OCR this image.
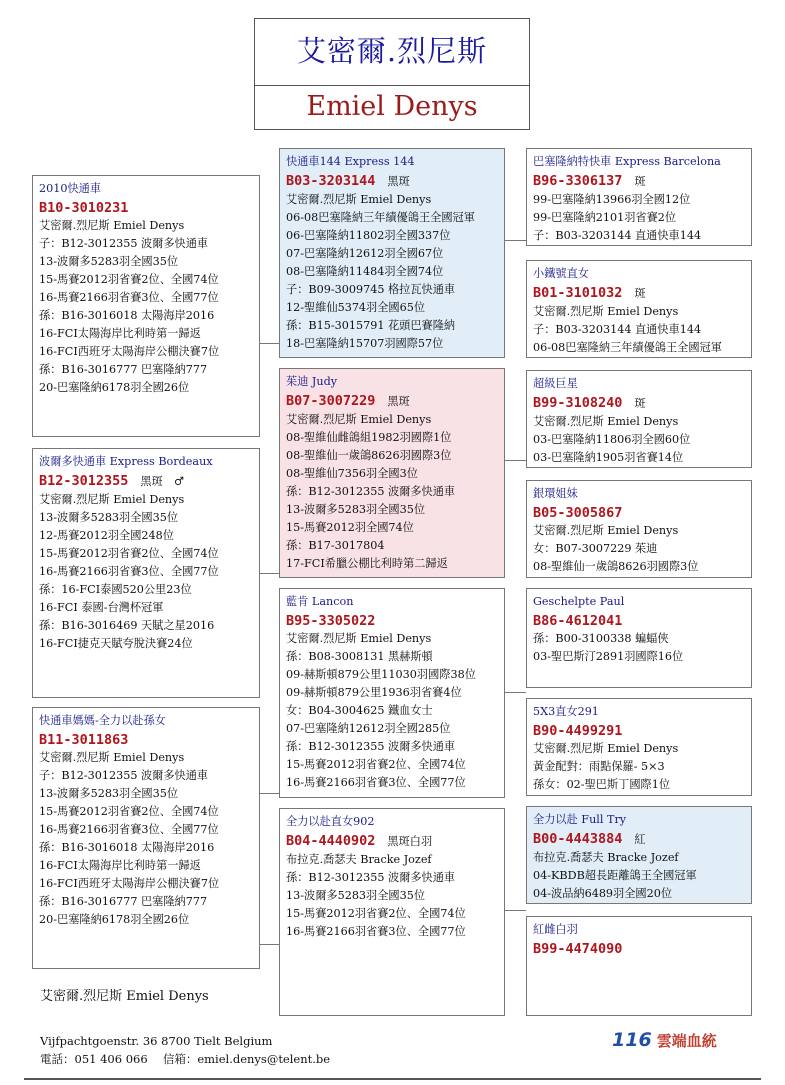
艾密爾.烈尼斯
Emiel Denys
2010快通車
B10-3010231
艾密爾.烈尼斯 Emiel Denys
子：B12-3012355 波爾多快通車
13-波爾多5283羽全國35位
15-馬賽2012羽省賽2位、全國74位
16-馬賽2166羽省賽3位、全國77位
孫：B16-3016018 太陽海岸2016
16-FCI太陽海岸比利時第一歸返
16-FCI西班牙太陽海岸公棚決賽7位
孫：B16-3016777 巴塞隆納777
20-巴塞隆納6178羽全國26位
波爾多快通車 Express Bordeaux
B12-3012355 黑斑　♂
艾密爾.烈尼斯 Emiel Denys
13-波爾多5283羽全國35位
12-馬賽2012羽全國248位
15-馬賽2012羽省賽2位、全國74位
16-馬賽2166羽省賽3位、全國77位
孫：16-FCI泰國520公里23位
16-FCI 泰國-台灣杯冠軍
孫：B16-3016469 天賦之星2016
16-FCI捷克天賦夸脫決賽24位
快通車媽媽-全力以赴孫女
B11-3011863
艾密爾.烈尼斯 Emiel Denys
子：B12-3012355 波爾多快通車
13-波爾多5283羽全國35位
15-馬賽2012羽省賽2位、全國74位
16-馬賽2166羽省賽3位、全國77位
孫：B16-3016018 太陽海岸2016
16-FCI太陽海岸比利時第一歸返
16-FCI西班牙太陽海岸公棚決賽7位
孫：B16-3016777 巴塞隆納777
20-巴塞隆納6178羽全國26位
快通車144 Express 144
B03-3203144 黑斑
艾密爾.烈尼斯 Emiel Denys
06-08巴塞隆納三年績優鴿王全國冠軍
06-巴塞隆納11802羽全國337位
07-巴塞隆納12612羽全國67位
08-巴塞隆納11484羽全國74位
子：B09-3009745 格拉瓦快通車
12-聖維仙5374羽全國65位
孫：B15-3015791 花頭巴賽隆納
18-巴塞隆納15707羽國際57位
茱迪 Judy
B07-3007229 黑斑
艾密爾.烈尼斯 Emiel Denys
08-聖維仙雌鴿組1982羽國際1位
08-聖維仙一歲鴿8626羽國際3位
08-聖維仙7356羽全國3位
孫：B12-3012355 波爾多快通車
13-波爾多5283羽全國35位
15-馬賽2012羽全國74位
孫：B17-3017804
17-FCI希臘公棚比利時第二歸返
藍肯 Lancon
B95-3305022
艾密爾.烈尼斯 Emiel Denys
孫：B08-3008131 黑赫斯頓
09-赫斯頓879公里11030羽國際38位
09-赫斯頓879公里1936羽省賽4位
女：B04-3004625 鐵血女士
07-巴塞隆納12612羽全國285位
孫：B12-3012355 波爾多快通車
15-馬賽2012羽省賽2位、全國74位
16-馬賽2166羽省賽3位、全國77位
全力以赴直女902
B04-4440902 黑斑白羽
布拉克.喬瑟夫 Bracke Jozef
孫：B12-3012355 波爾多快通車
13-波爾多5283羽全國35位
15-馬賽2012羽省賽2位、全國74位
16-馬賽2166羽省賽3位、全國77位
巴塞隆納特快車 Express Barcelona
B96-3306137 斑
99-巴塞隆納13966羽全國12位
99-巴塞隆納2101羽省賽2位
子：B03-3203144 直通快車144
小鐵號直女
B01-3101032 斑
艾密爾.烈尼斯 Emiel Denys
子：B03-3203144 直通快車144
06-08巴塞隆納三年績優鴿王全國冠軍
超級巨星
B99-3108240 斑
艾密爾.烈尼斯 Emiel Denys
03-巴塞隆納11806羽全國60位
03-巴塞隆納1905羽省賽14位
銀環姐妹
B05-3005867
艾密爾.烈尼斯 Emiel Denys
女：B07-3007229 茱迪
08-聖維仙一歲鴿8626羽國際3位
Geschelpte Paul
B86-4612041
孫：B00-3100338 蝙蝠俠
03-聖巴斯汀2891羽國際16位
5X3直女291
B90-4499291
艾密爾.烈尼斯 Emiel Denys
黃金配對：雨點保羅- 5×3
孫女：02-聖巴斯丁國際1位
全力以赴 Full Try
B00-4443884 紅
布拉克.喬瑟夫 Bracke Jozef
04-KBDB超長距離鴿王全國冠軍
04-波品納6489羽全國20位
紅雌白羽
B99-4474090
艾密爾.烈尼斯 Emiel Denys
Vijfpachtgoenstr. 36 8700 Tielt Belgium
電話：051 406 066　 信箱：emiel.denys@telent.be
116 雲端血統
